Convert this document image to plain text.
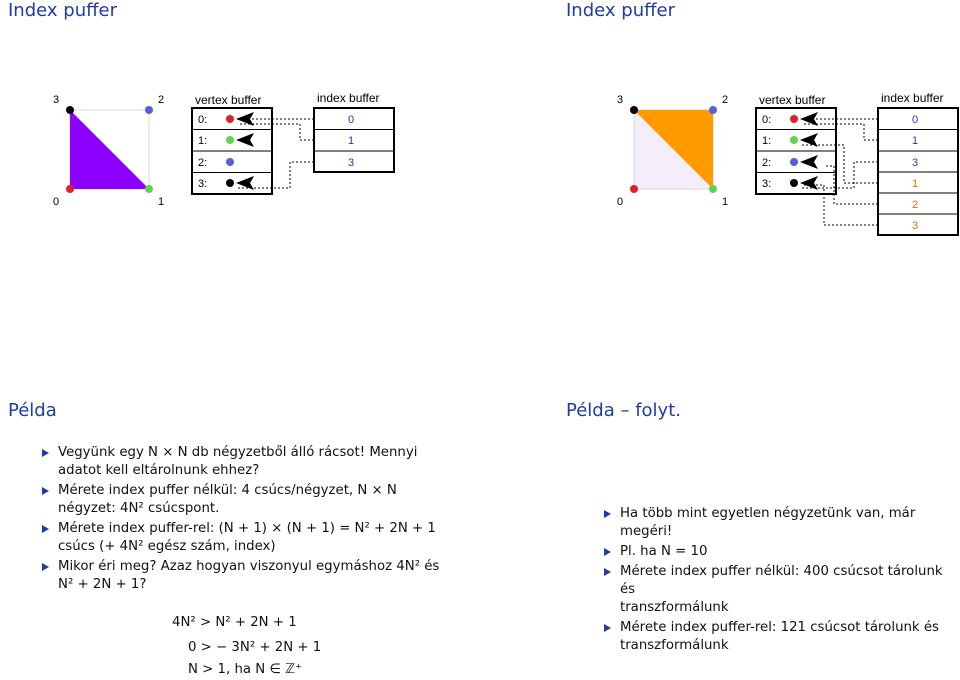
Index puffer
3	2
0	1
vertex buffer	index buffer
0:
1:
2:
3:
0
1
3
Index puffer
3	2
0	1
vertex buffer	index buffer
0:
1:
2:
3:
0
1
3
1
2
3
Példa
Vegyünk egy N × N db négyzetből álló rácsot! Mennyi
adatot kell eltárolnunk ehhez?
Mérete index puffer nélkül: 4 csúcs/négyzet, N × N
négyzet: 4N² csúcspont.
Mérete index puffer-rel: (N + 1) × (N + 1) = N² + 2N + 1
csúcs (+ 4N² egész szám, index)
Mikor éri meg? Azaz hogyan viszonyul egymáshoz 4N² és
N² + 2N + 1?
4N² > N² + 2N + 1
0 > − 3N² + 2N + 1
N > 1, ha N ∈ ℤ⁺
Példa – folyt.
Ha több mint egyetlen négyzetünk van, már megéri!
Pl. ha N = 10
Mérete index puffer nélkül: 400 csúcsot tárolunk és
transzformálunk
Mérete index puffer-rel: 121 csúcsot tárolunk és
transzformálunk
